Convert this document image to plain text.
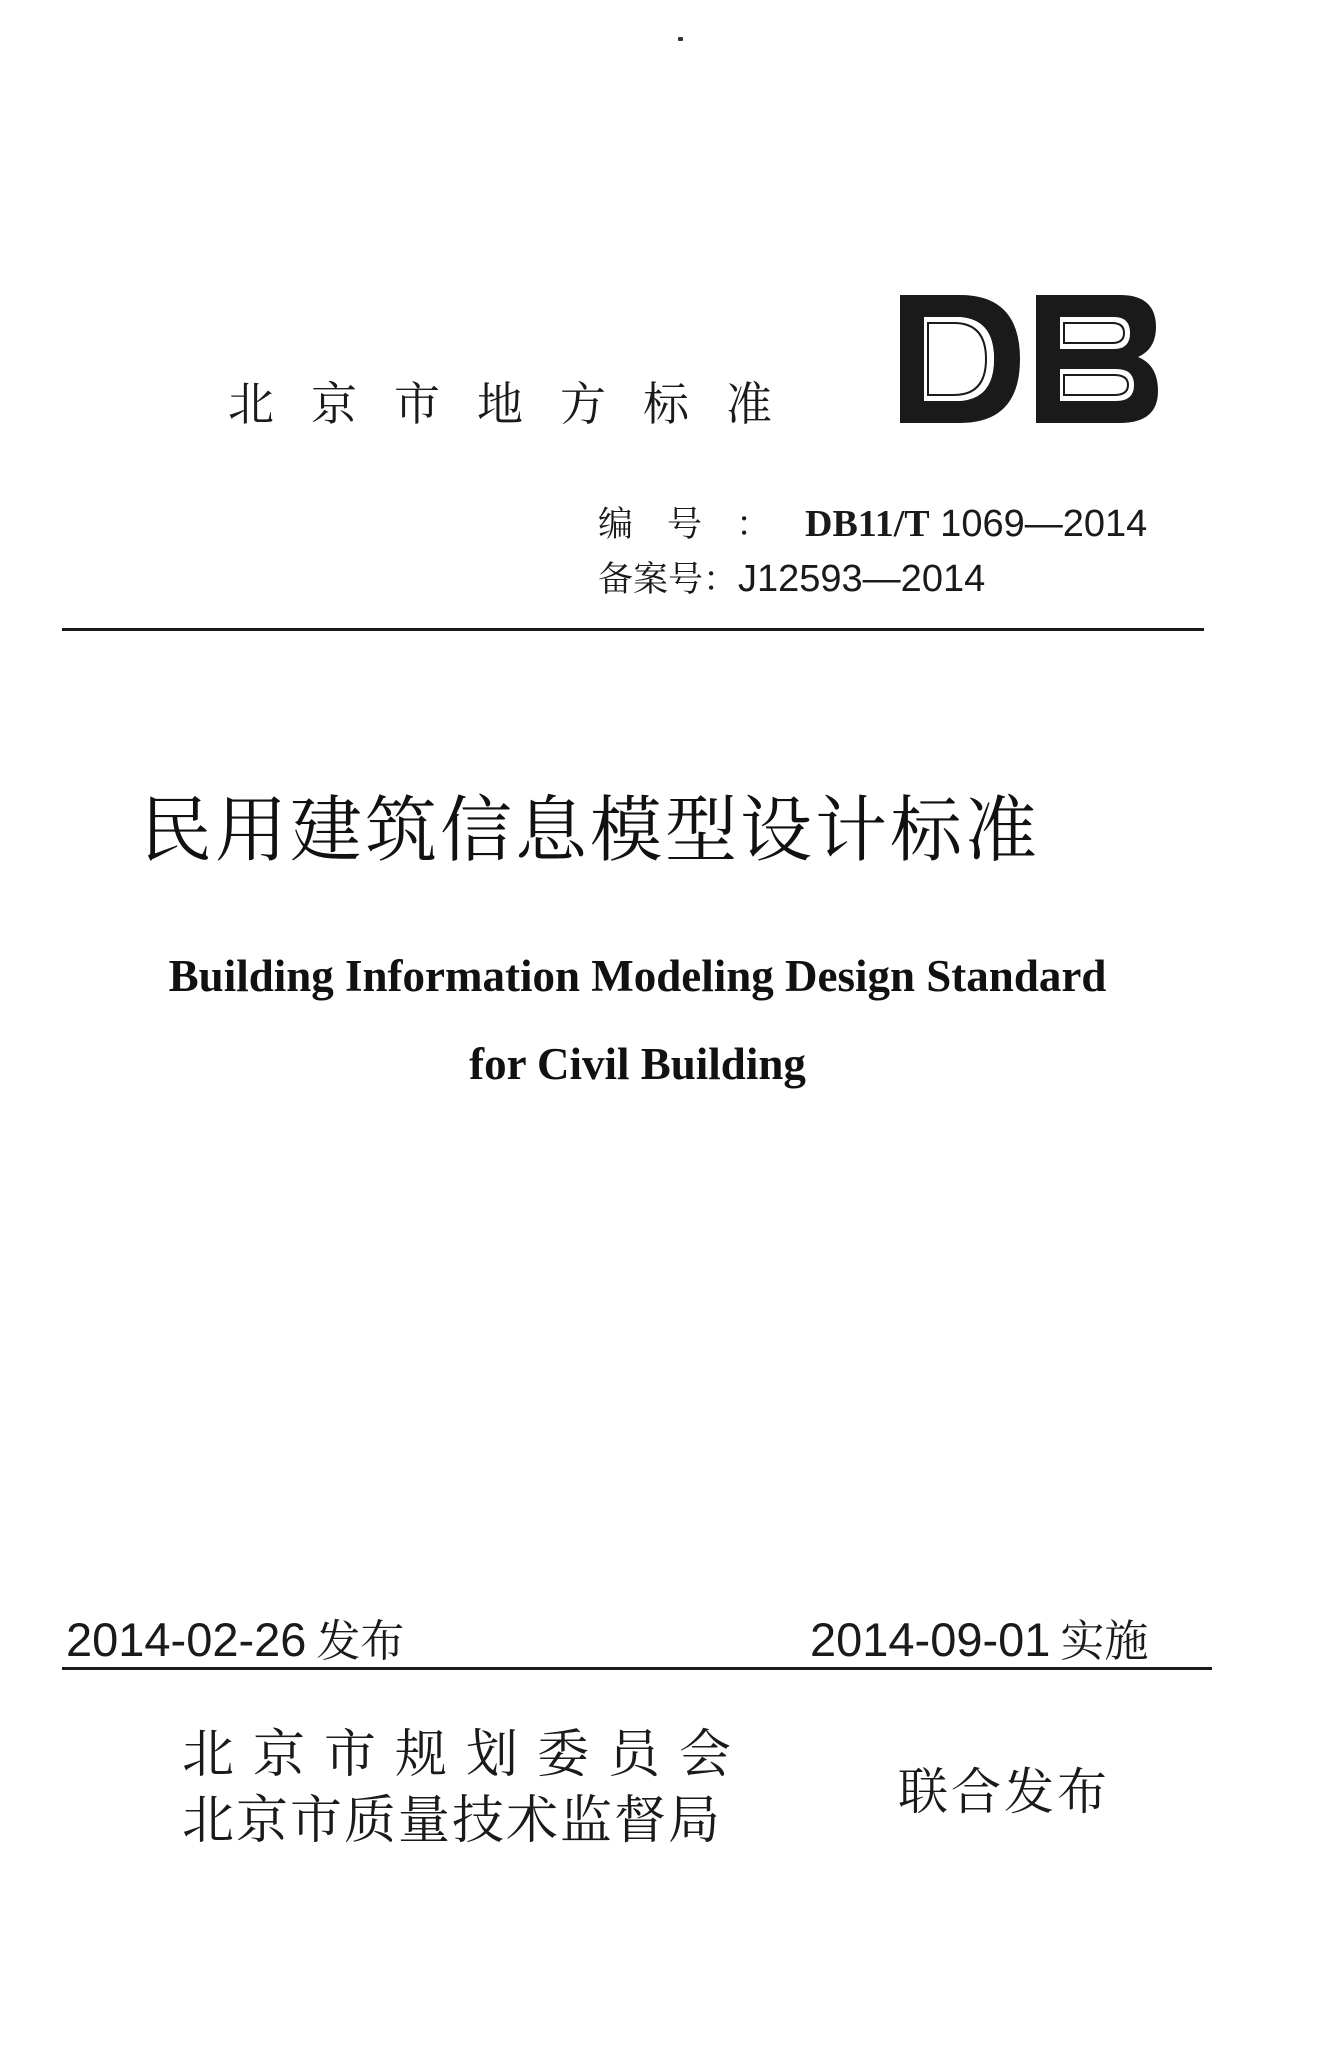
北京市地方标准
编号： DB11/T 1069—2014
备案号： J12593—2014
民用建筑信息模型设计标准
Building Information Modeling Design Standard
for Civil Building
2014-02-26 发布	2014-09-01 实施
北京市规划委员会
北京市质量技术监督局	联合发布
